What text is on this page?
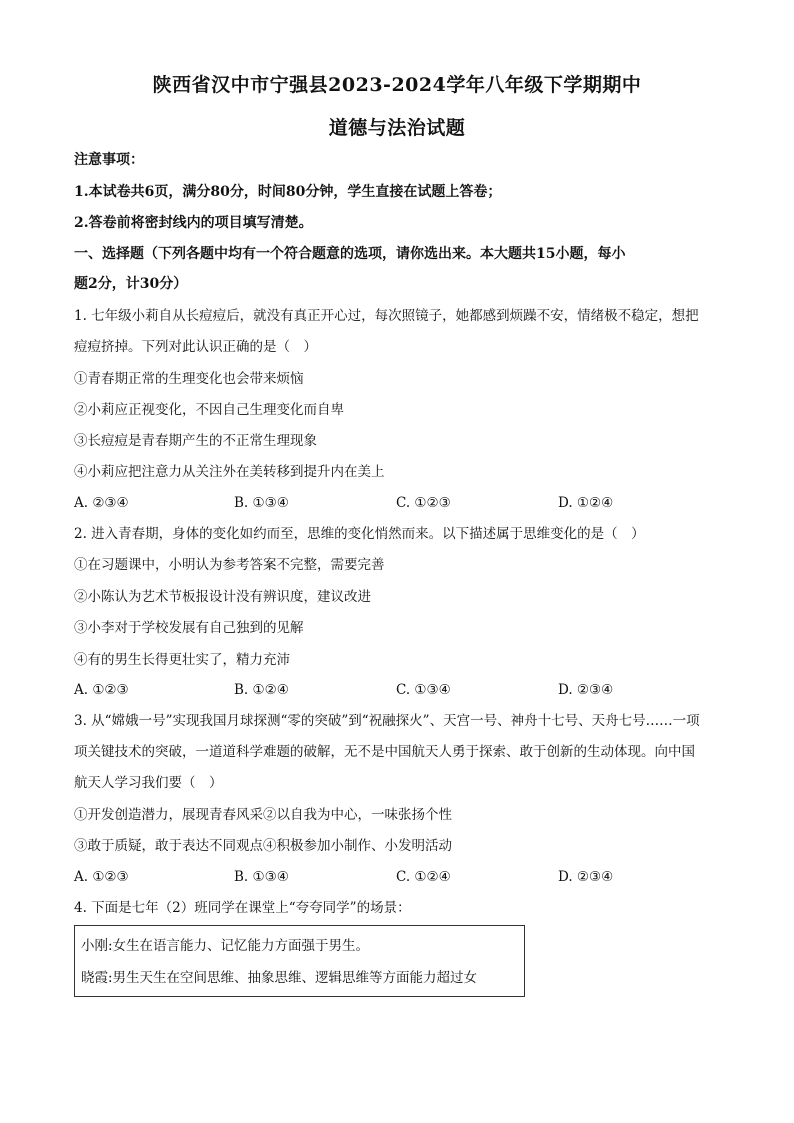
陕西省汉中市宁强县2023-2024学年八年级下学期期中
道德与法治试题
注意事项：
1.本试卷共6页，满分80分，时间80分钟，学生直接在试题上答卷；
2.答卷前将密封线内的项目填写清楚。
一、选择题（下列各题中均有一个符合题意的选项，请你选出来。本大题共15小题，每小
题2分，计30分）
1. 七年级小莉自从长痘痘后，就没有真正开心过，每次照镜子，她都感到烦躁不安，情绪极不稳定，想把
痘痘挤掉。下列对此认识正确的是（　）
①青春期正常的生理变化也会带来烦恼
②小莉应正视变化，不因自己生理变化而自卑
③长痘痘是青春期产生的不正常生理现象
④小莉应把注意力从关注外在美转移到提升内在美上
A. ②③④	B. ①③④	C. ①②③	D. ①②④
2. 进入青春期，身体的变化如约而至，思维的变化悄然而来。以下描述属于思维变化的是（　）
①在习题课中，小明认为参考答案不完整，需要完善
②小陈认为艺术节板报设计没有辨识度，建议改进
③小李对于学校发展有自己独到的见解
④有的男生长得更壮实了，精力充沛
A. ①②③	B. ①②④	C. ①③④	D. ②③④
3. 从“嫦娥一号”实现我国月球探测“零的突破”到“祝融探火”、天宫一号、神舟十七号、天舟七号……一项
项关键技术的突破，一道道科学难题的破解，无不是中国航天人勇于探索、敢于创新的生动体现。向中国
航天人学习我们要（　）
①开发创造潜力，展现青春风采②以自我为中心，一味张扬个性
③敢于质疑，敢于表达不同观点④积极参加小制作、小发明活动
A. ①②③	B. ①③④	C. ①②④	D. ②③④
4. 下面是七年（2）班同学在课堂上“夸夸同学”的场景：
小刚:女生在语言能力、记忆能力方面强于男生。
晓霞:男生天生在空间思维、抽象思维、逻辑思维等方面能力超过女
